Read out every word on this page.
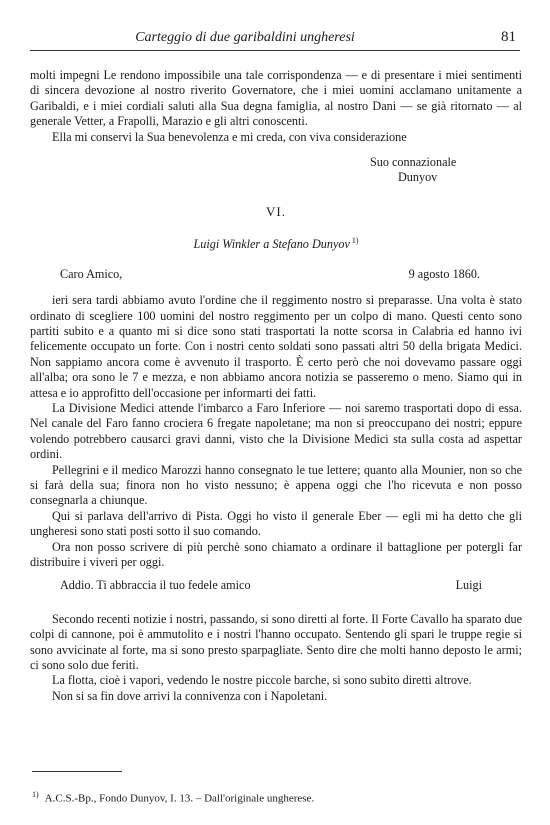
Carteggio di due garibaldini ungheresi	81

molti impegni Le rendono impossibile una tale corrispondenza — e di presentare i miei sentimenti di sincera devozione al nostro riverito Governatore, che i miei uomini acclamano unitamente a Garibaldi, e i miei cordiali saluti alla Sua degna famiglia, al nostro Dani — se già ritornato — al generale Vetter, a Frapolli, Marazio e gli altri conoscenti.

Ella mi conservi la Sua benevolenza e mi creda, con viva considerazione

Suo connazionale
Dunyov
VI.
Luigi Winkler a Stefano Dunyov $^{1)}$
Caro Amico,	9 agosto 1860.

ieri sera tardi abbiamo avuto l'ordine che il reggimento nostro si preparasse. Una volta è stato ordinato di scegliere 100 uomini del nostro reggimento per un colpo di mano. Questi cento sono partiti subito e a quanto mi si dice sono stati trasportati la notte scorsa in Calabria ed hanno ivi felicemente occupato un forte. Con i nostri cento soldati sono passati altri 50 della brigata Medici. Non sappiamo ancora come è avvenuto il trasporto. È certo però che noi dovevamo passare oggi all'alba; ora sono le 7 e mezza, e non abbiamo ancora notizia se passeremo o meno. Siamo qui in attesa e io approfitto dell'occasione per informarti dei fatti.

La Divisione Medici attende l'imbarco a Faro Inferiore — noi saremo trasportati dopo di essa. Nel canale del Faro fanno crociera 6 fregate napoletane; ma non si preoccupano dei nostri; eppure volendo potrebbero causarci gravi danni, visto che la Divisione Medici sta sulla costa ad aspettar ordini.

Pellegrini e il medico Marozzi hanno consegnato le tue lettere; quanto alla Mounier, non so che si farà della sua; finora non ho visto nessuno; è appena oggi che l'ho ricevuta e non posso consegnarla a chiunque.

Qui si parlava dell'arrivo di Pista. Oggi ho visto il generale Eber — egli mi ha detto che gli ungheresi sono stati posti sotto il suo comando.

Ora non posso scrivere di più perchè sono chiamato a ordinare il battaglione per potergli far distribuire i viveri per oggi.

Addio. Ti abbraccia il tuo fedele amico	Luigi

Secondo recenti notizie i nostri, passando, si sono diretti al forte. Il Forte Cavallo ha sparato due colpi di cannone, poi è ammutolito e i nostri l'hanno occupato. Sentendo gli spari le truppe regie si sono avvicinate al forte, ma si sono presto sparpagliate. Sento dire che molti hanno deposto le armi; ci sono solo due feriti.

La flotta, cioè i vapori, vedendo le nostre piccole barche, si sono subito diretti altrove.

Non si sa fin dove arrivi la connivenza con i Napoletani.

$^{1)}$ A.C.S.-Bp., Fondo Dunyov, I. 13. – Dall'originale ungherese.
